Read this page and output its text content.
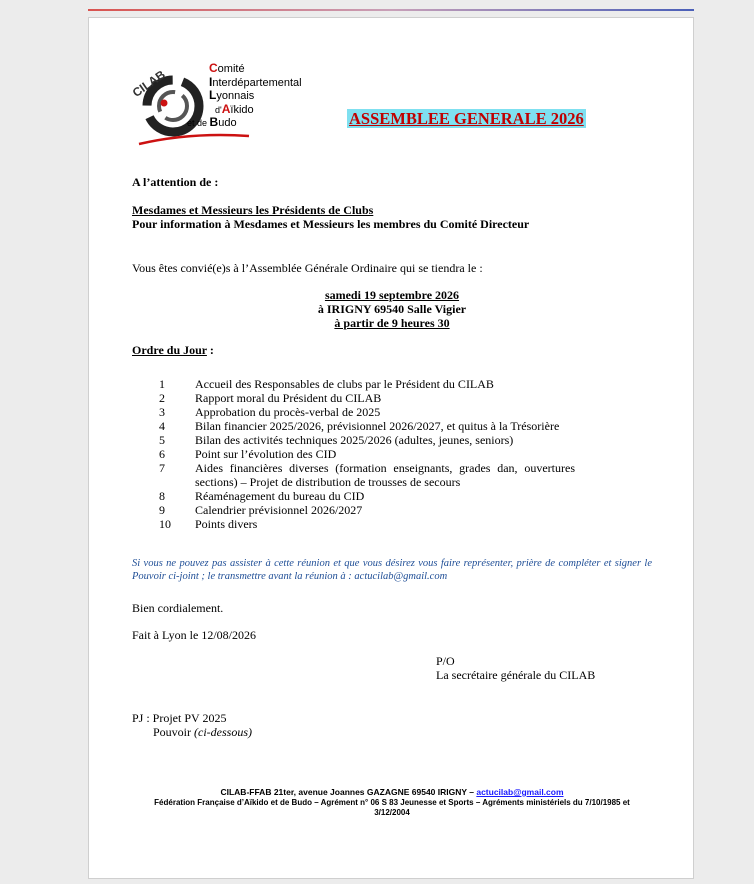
CILAB	Comité
Interdépartemental
Lyonnais
d'Aïkido
et de Budo	ASSEMBLEE GENERALE 2026
A l’attention de :
Mesdames et Messieurs les Présidents de Clubs
Pour information à Mesdames et Messieurs les membres du Comité Directeur
Vous êtes convié(e)s à l’Assemblée Générale Ordinaire qui se tiendra le :
samedi 19 septembre 2026
à IRIGNY 69540 Salle Vigier
à partir de 9 heures 30
Ordre du Jour :
1	Accueil des Responsables de clubs par le Président du CILAB
2	Rapport moral du Président du CILAB
3	Approbation du procès-verbal de 2025
4	Bilan financier 2025/2026, prévisionnel 2026/2027, et quitus à la Trésorière
5	Bilan des activités techniques 2025/2026 (adultes, jeunes, seniors)
6	Point sur l’évolution des CID
7	Aides financières diverses (formation enseignants, grades dan, ouvertures sections) – Projet de distribution de trousses de secours
8	Réaménagement du bureau du CID
9	Calendrier prévisionnel 2026/2027
10	Points divers
Si vous ne pouvez pas assister à cette réunion et que vous désirez vous faire représenter, prière de compléter et signer le Pouvoir ci-joint ; le transmettre avant la réunion à : actucilab@gmail.com
Bien cordialement.
Fait à Lyon le 12/08/2026
P/O
La secrétaire générale du CILAB
PJ : Projet PV 2025
Pouvoir (ci-dessous)
CILAB-FFAB 21ter, avenue Joannes GAZAGNE 69540 IRIGNY – actucilab@gmail.com
Fédération Française d’Aïkido et de Budo – Agrément n° 06 S 83 Jeunesse et Sports – Agréments ministériels du 7/10/1985 et
3/12/2004
